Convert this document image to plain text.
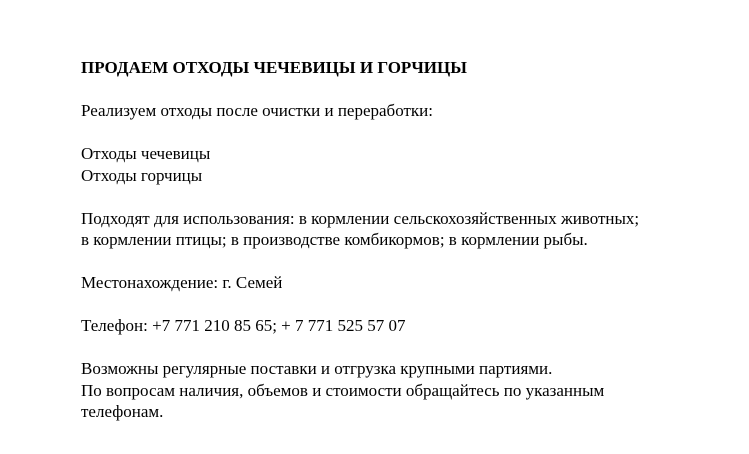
ПРОДАЕМ ОТХОДЫ ЧЕЧЕВИЦЫ И ГОРЧИЦЫ

Реализуем отходы после очистки и переработки:

Отходы чечевицы
Отходы горчицы
Подходят для использования: в кормлении сельскохозяйственных животных;
в кормлении птицы; в производстве комбикормов; в кормлении рыбы.

Местонахождение: г. Семей

Телефон: +7 771 210 85 65; + 7 771 525 57 07

Возможны регулярные поставки и отгрузка крупными партиями.
По вопросам наличия, объемов и стоимости обращайтесь по указанным
телефонам.
